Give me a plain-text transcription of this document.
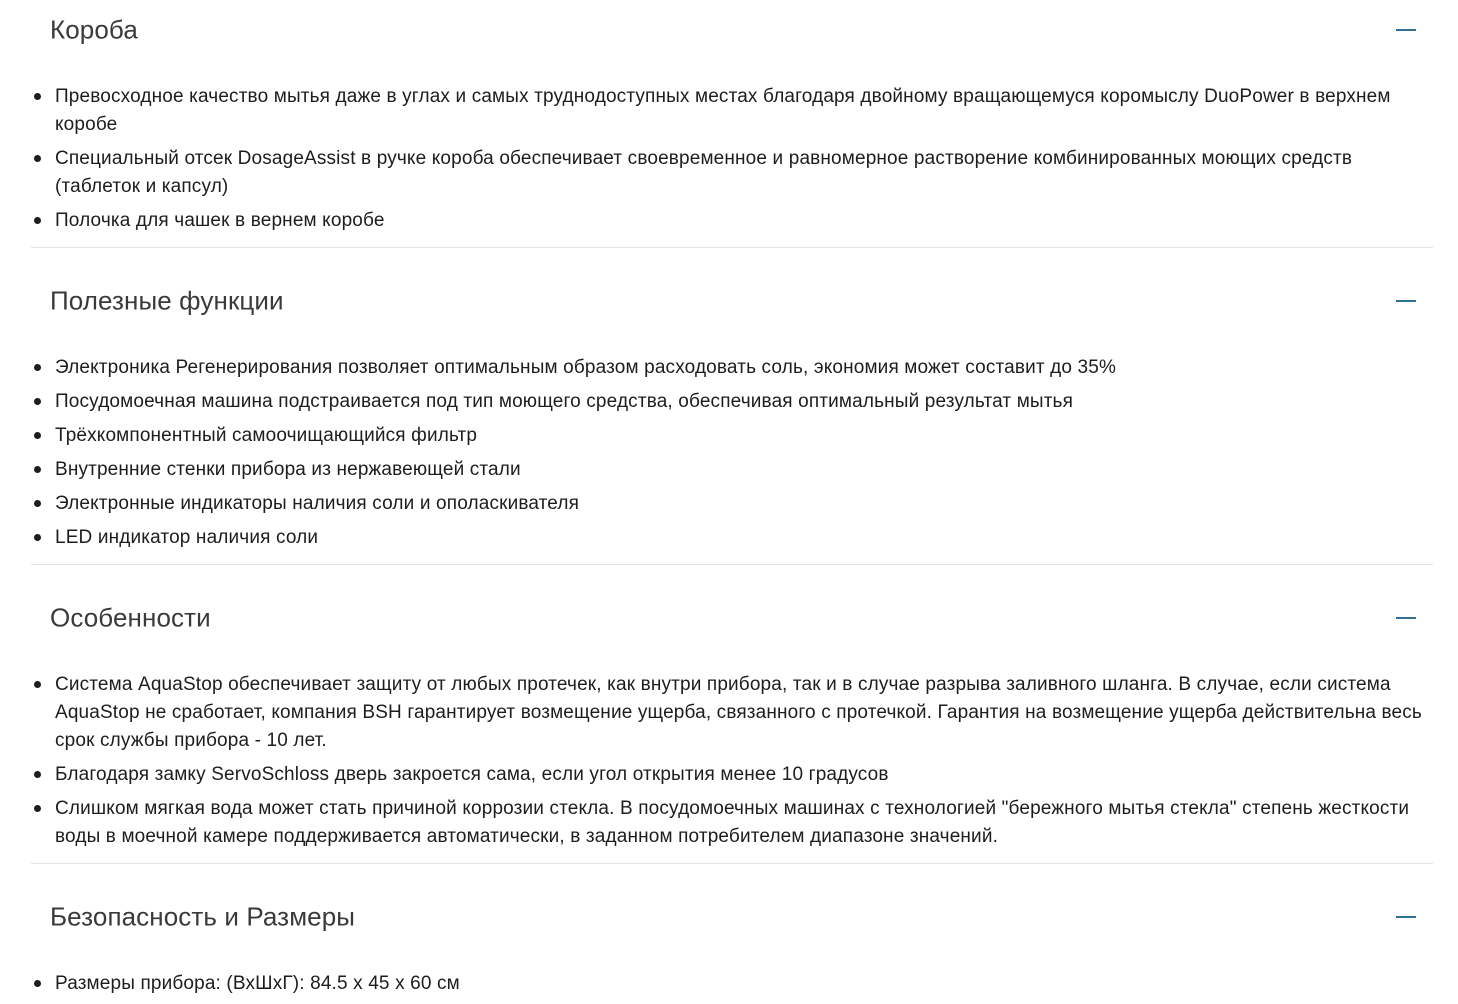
Короба
Превосходное качество мытья даже в углах и самых труднодоступных местах благодаря двойному вращающемуся коромыслу DuoPower в верхнем коробе
Специальный отсек DosageAssist в ручке короба обеспечивает своевременное и равномерное растворение комбинированных моющих средств (таблеток и капсул)
Полочка для чашек в вернем коробе
Полезные функции
Электроника Регенерирования позволяет оптимальным образом расходовать соль, экономия может составит до 35%
Посудомоечная машина подстраивается под тип моющего средства, обеспечивая оптимальный результат мытья
Трёхкомпонентный самоочищающийся фильтр
Внутренние стенки прибора из нержавеющей стали
Электронные индикаторы наличия соли и ополаскивателя
LED индикатор наличия соли
Особенности
Система AquaStop обеспечивает защиту от любых протечек, как внутри прибора, так и в случае разрыва заливного шланга. В случае, если система AquaStop не сработает, компания BSH гарантирует возмещение ущерба, связанного с протечкой. Гарантия на возмещение ущерба действительна весь срок службы прибора - 10 лет.
Благодаря замку ServoSchloss дверь закроется сама, если угол открытия менее 10 градусов
Слишком мягкая вода может стать причиной коррозии стекла. В посудомоечных машинах с технологией "бережного мытья стекла" степень жесткости воды в моечной камере поддерживается автоматически, в заданном потребителем диапазоне значений.
Безопасность и Размеры
Размеры прибора: (ВхШхГ): 84.5 x 45 x 60 см
